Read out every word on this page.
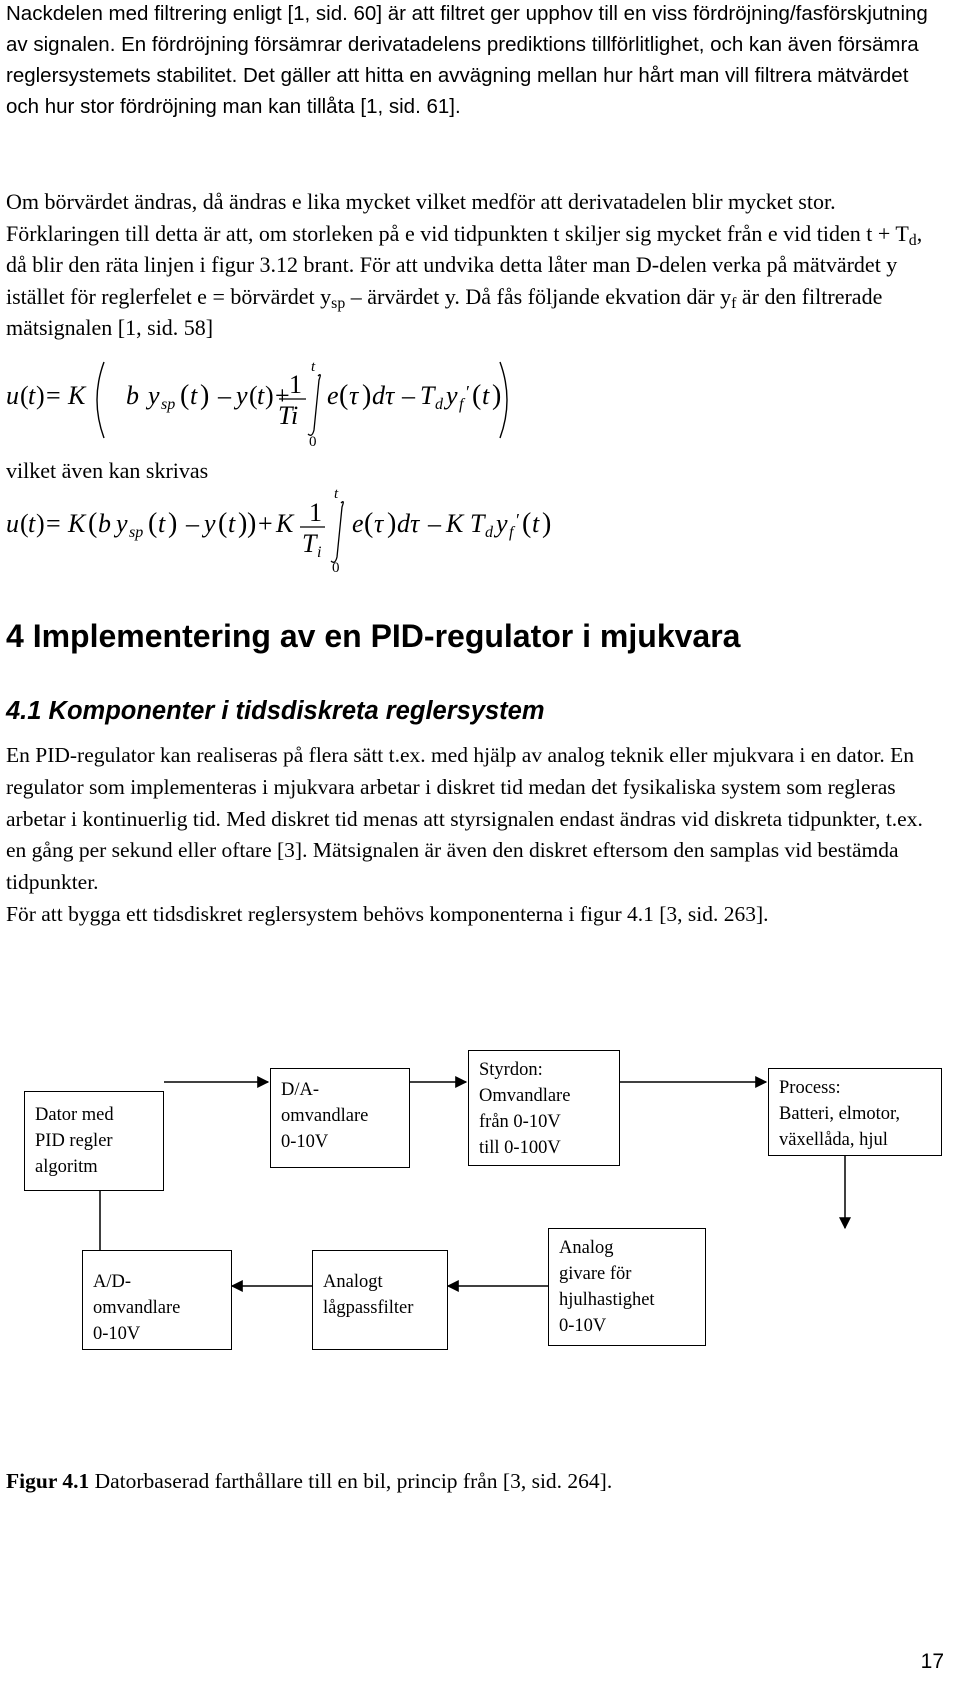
Nackdelen med filtrering enligt [1, sid. 60] är att filtret ger upphov till en viss fördröjning/fasförskjutning av signalen. En fördröjning försämrar derivatadelens prediktions tillförlitlighet, och kan även försämra reglersystemets stabilitet. Det gäller att hitta en avvägning mellan hur hårt man vill filtrera mätvärdet och hur stor fördröjning man kan tillåta [1, sid. 61].

Om börvärdet ändras, då ändras e lika mycket vilket medför att derivatadelen blir mycket stor. Förklaringen till detta är att, om storleken på e vid tidpunkten t skiljer sig mycket från e vid tiden $t + T_d$, då blir den räta linjen i figur 3.12 brant. För att undvika detta låter man D-delen verka på mätvärdet y istället för reglerfelet e = börvärdet $y_{sp}$ – ärvärdet y. Då fås följande ekvation där $y_f$ är den filtrerade mätsignalen [1, sid. 58]

u ( t ) = K b y sp ( t ) – y ( t ) + 1
Ti
t
0
e ( τ ) dτ – T d y f
′ ( t )

vilket även kan skrivas

u ( t ) = K ( b y sp ( t ) – y ( t ) ) + K 1
T i
t
0
e ( τ ) dτ – K T d y f
′ ( t )
4 Implementering av en PID-regulator i mjukvara
4.1 Komponenter i tidsdiskreta reglersystem

En PID-regulator kan realiseras på flera sätt t.ex. med hjälp av analog teknik eller mjukvara i en dator. En regulator som implementeras i mjukvara arbetar i diskret tid medan det fysikaliska system som regleras arbetar i kontinuerlig tid. Med diskret tid menas att styrsignalen endast ändras vid diskreta tidpunkter, t.ex. en gång per sekund eller oftare [3]. Mätsignalen är även den diskret eftersom den samplas vid bestämda tidpunkter.
För att bygga ett tidsdiskret reglersystem behövs komponenterna i figur 4.1 [3, sid. 263].

Dator med
PID regler
algoritm
D/A-
omvandlare
0-10V
Styrdon:
Omvandlare
från 0-10V
till 0-100V
Process:
Batteri, elmotor,
växellåda, hjul
A/D-
omvandlare
0-10V
Analogt
lågpassfilter
Analog
givare för
hjulhastighet
0-10V

Figur 4.1 Datorbaserad farthållare till en bil, princip från [3, sid. 264].

17
